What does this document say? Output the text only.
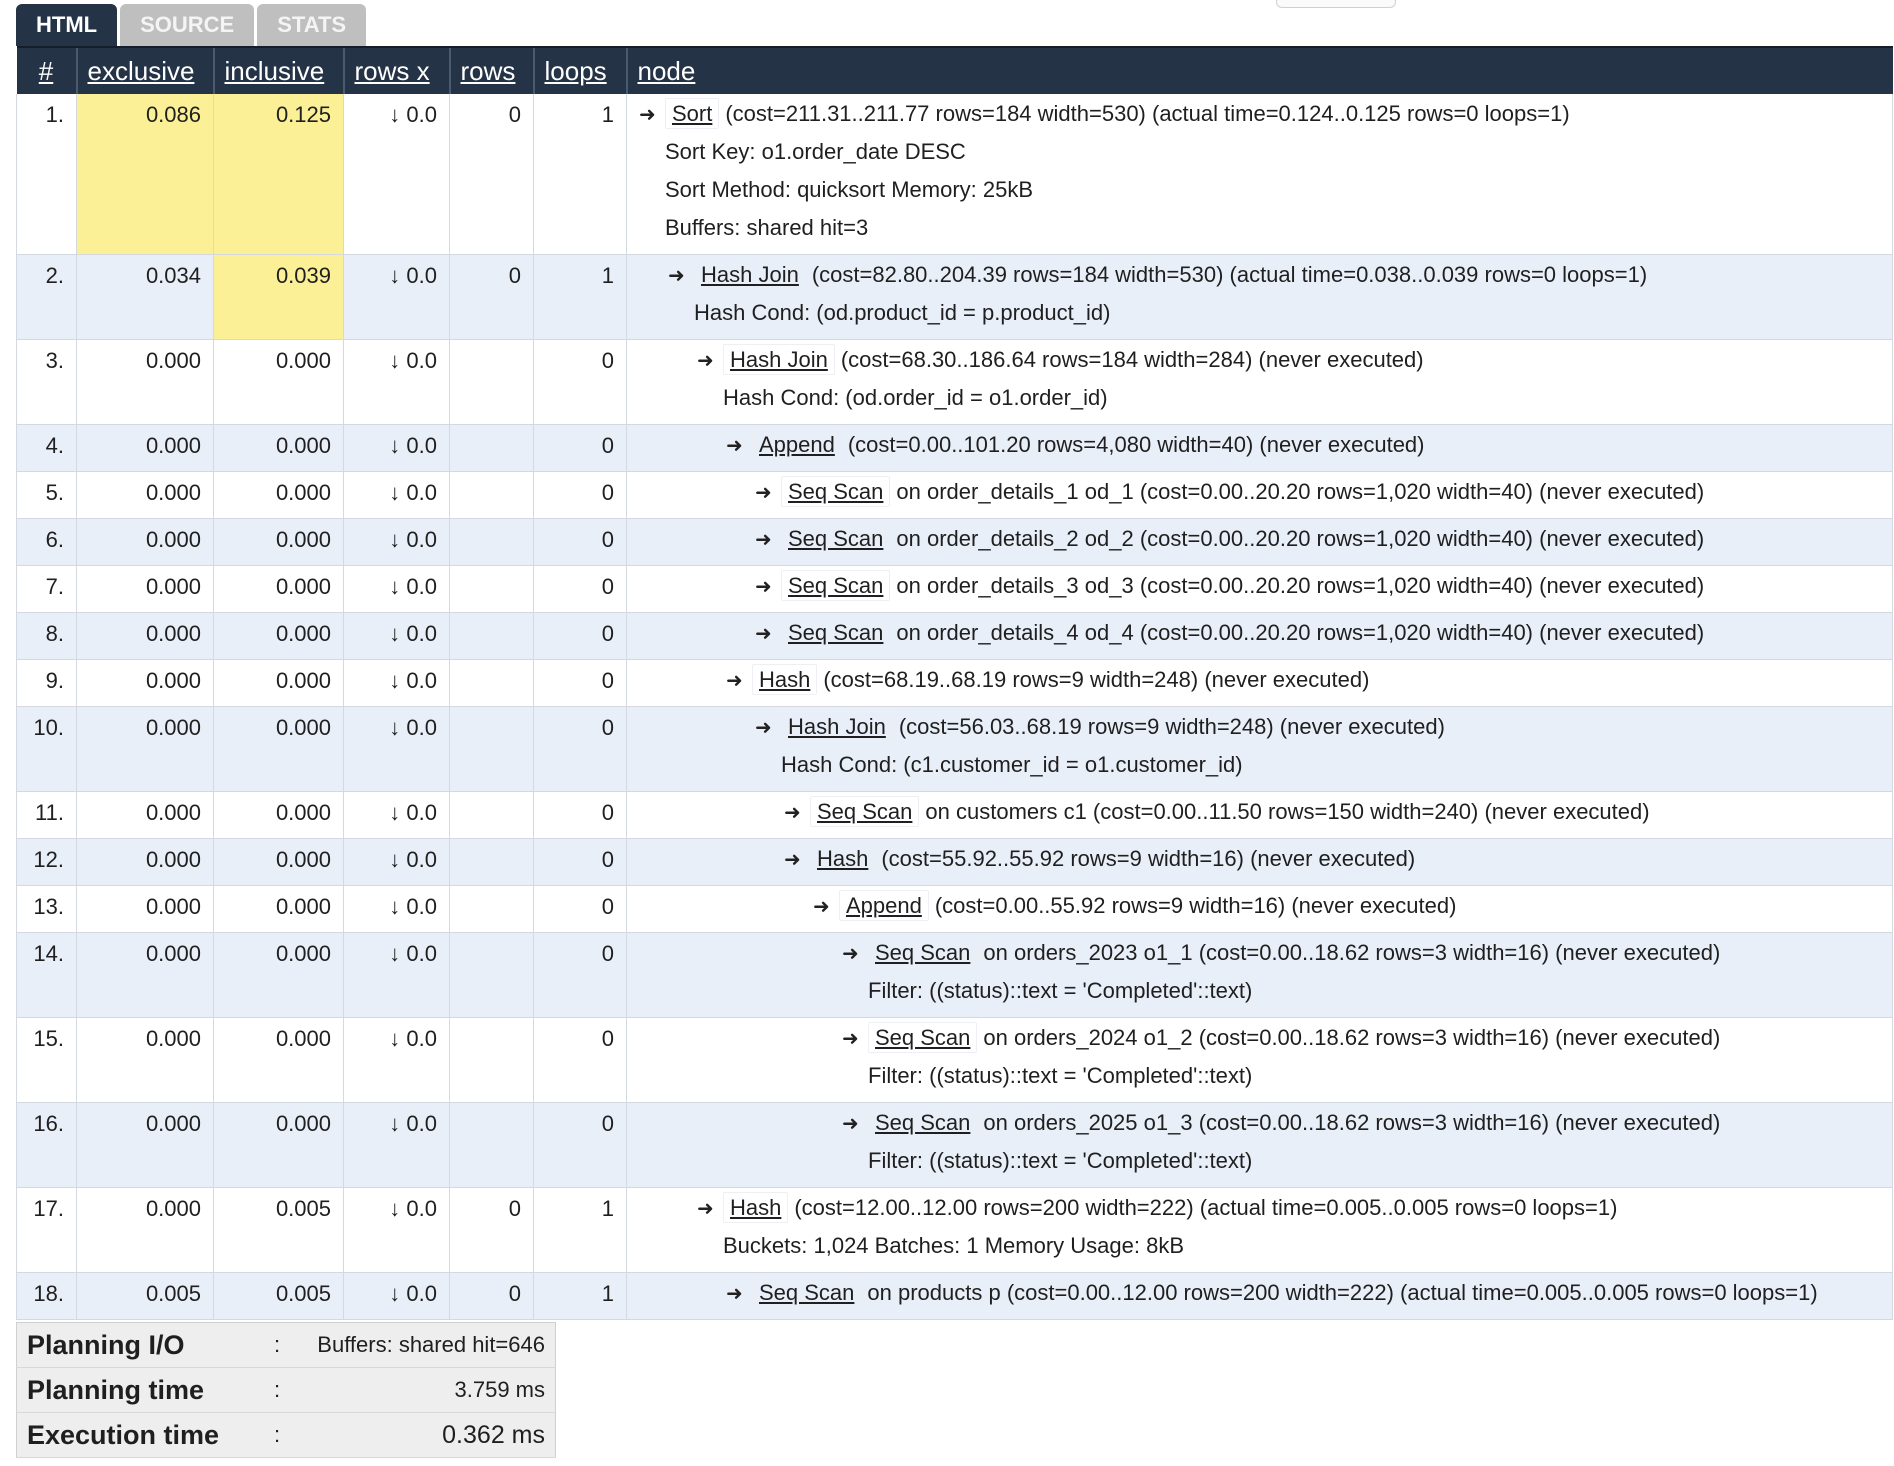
HTML	SOURCE	STATS
#	exclusive	inclusive	rows x	rows	loops	node
1.	0.086	0.125	↓ 0.0	0	1	➜ Sort (cost=211.31..211.77 rows=184 width=530) (actual time=0.124..0.125 rows=0 loops=1)
Sort Key: o1.order_date DESC
Sort Method: quicksort Memory: 25kB
Buffers: shared hit=3

2.	0.034	0.039	↓ 0.0	0	1	➜ Hash Join (cost=82.80..204.39 rows=184 width=530) (actual time=0.038..0.039 rows=0 loops=1)
Hash Cond: (od.product_id = p.product_id)

3.	0.000	0.000	↓ 0.0		0	➜ Hash Join (cost=68.30..186.64 rows=184 width=284) (never executed)
Hash Cond: (od.order_id = o1.order_id)

4.	0.000	0.000	↓ 0.0		0	➜ Append (cost=0.00..101.20 rows=4,080 width=40) (never executed)

5.	0.000	0.000	↓ 0.0		0	➜ Seq Scan on order_details_1 od_1 (cost=0.00..20.20 rows=1,020 width=40) (never executed)

6.	0.000	0.000	↓ 0.0		0	➜ Seq Scan on order_details_2 od_2 (cost=0.00..20.20 rows=1,020 width=40) (never executed)

7.	0.000	0.000	↓ 0.0		0	➜ Seq Scan on order_details_3 od_3 (cost=0.00..20.20 rows=1,020 width=40) (never executed)

8.	0.000	0.000	↓ 0.0		0	➜ Seq Scan on order_details_4 od_4 (cost=0.00..20.20 rows=1,020 width=40) (never executed)

9.	0.000	0.000	↓ 0.0		0	➜ Hash (cost=68.19..68.19 rows=9 width=248) (never executed)

10.	0.000	0.000	↓ 0.0		0	➜ Hash Join (cost=56.03..68.19 rows=9 width=248) (never executed)
Hash Cond: (c1.customer_id = o1.customer_id)

11.	0.000	0.000	↓ 0.0		0	➜ Seq Scan on customers c1 (cost=0.00..11.50 rows=150 width=240) (never executed)

12.	0.000	0.000	↓ 0.0		0	➜ Hash (cost=55.92..55.92 rows=9 width=16) (never executed)

13.	0.000	0.000	↓ 0.0		0	➜ Append (cost=0.00..55.92 rows=9 width=16) (never executed)

14.	0.000	0.000	↓ 0.0		0	➜ Seq Scan on orders_2023 o1_1 (cost=0.00..18.62 rows=3 width=16) (never executed)
Filter: ((status)::text = 'Completed'::text)

15.	0.000	0.000	↓ 0.0		0	➜ Seq Scan on orders_2024 o1_2 (cost=0.00..18.62 rows=3 width=16) (never executed)
Filter: ((status)::text = 'Completed'::text)

16.	0.000	0.000	↓ 0.0		0	➜ Seq Scan on orders_2025 o1_3 (cost=0.00..18.62 rows=3 width=16) (never executed)
Filter: ((status)::text = 'Completed'::text)

17.	0.000	0.005	↓ 0.0	0	1	➜ Hash (cost=12.00..12.00 rows=200 width=222) (actual time=0.005..0.005 rows=0 loops=1)
Buckets: 1,024 Batches: 1 Memory Usage: 8kB

18.	0.005	0.005	↓ 0.0	0	1	➜ Seq Scan on products p (cost=0.00..12.00 rows=200 width=222) (actual time=0.005..0.005 rows=0 loops=1)
Planning I/O	:	Buffers: shared hit=646
Planning time	:	3.759 ms
Execution time	:	0.362 ms
